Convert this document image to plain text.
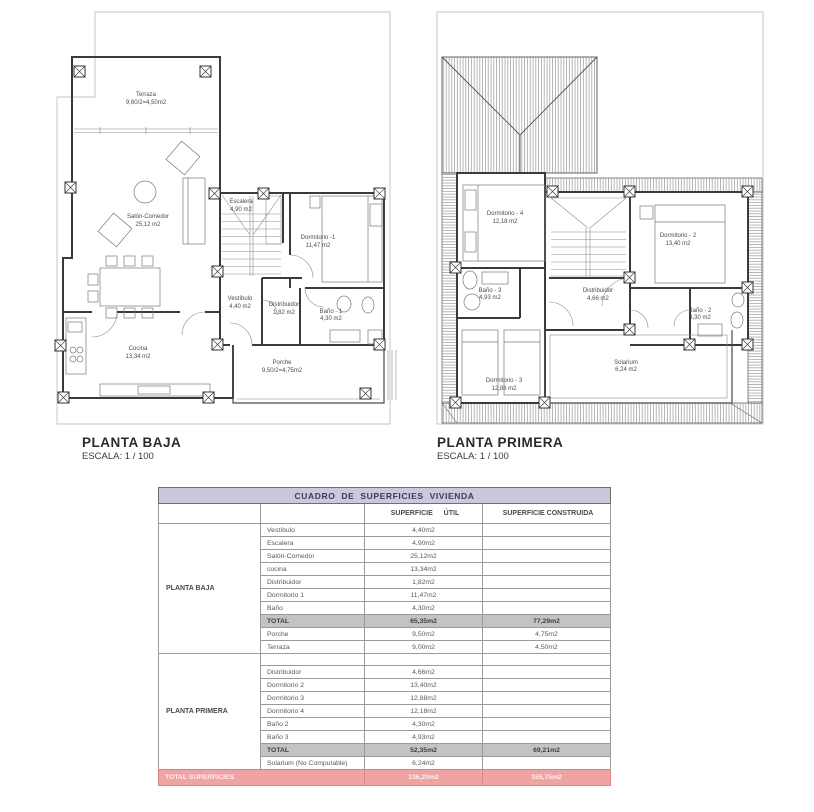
Terraza
9,60/2=4,50m2
Salón-Comedor
25,12 m2
Escalera
4,90 m2
Dormitorio -1
11,47 m2
Vestíbulo
4,40 m2	Distribuidor
1,82 m2	Baño - 1
4,30 m2
Cocina
13,34 m2
Porche
9,50/2=4,75m2
PLANTA BAJA
ESCALA: 1 / 100
Dormitorio - 4
12,18 m2
Dormitorio - 2
13,40 m2
Baño - 3
4,93 m2
Distribuidor
4,66 m2
Baño - 2
4,30 m2
Dormitorio - 3
12,88 m2
Solarium
6,24 m2
PLANTA PRIMERA
ESCALA: 1 / 100
CUADRO DE SUPERFICIES VIVIENDA			
		SUPERFICIE ÚTIL	SUPERFICIE CONSTRUIDA
PLANTA BAJA	Vestíbulo	4,40m2	
	Escalera	4,90m2	
	Salón-Comedor	25,12m2	
	cocina	13,34m2	
	Distribuidor	1,82m2	
	Dormitorio 1	11,47m2	
	Baño	4,30m2	
	TOTAL	65,35m2	77,29m2
	Porche	9,50m2	4,75m2
	Terraza	9,00m2	4,50m2
PLANTA PRIMERA			
	Distribuidor	4,66m2	
	Dormitorio 2	13,40m2	
	Dormitorio 3	12,88m2	
	Dormitorio 4	12,18m2	
	Baño 2	4,30m2	
	Baño 3	4,93m2	
	TOTAL	52,35m2	69,21m2
	Solarium (No Computable)	6,24m2	
TOTAL SUPERFICIES		136,20m2	155,75m2
